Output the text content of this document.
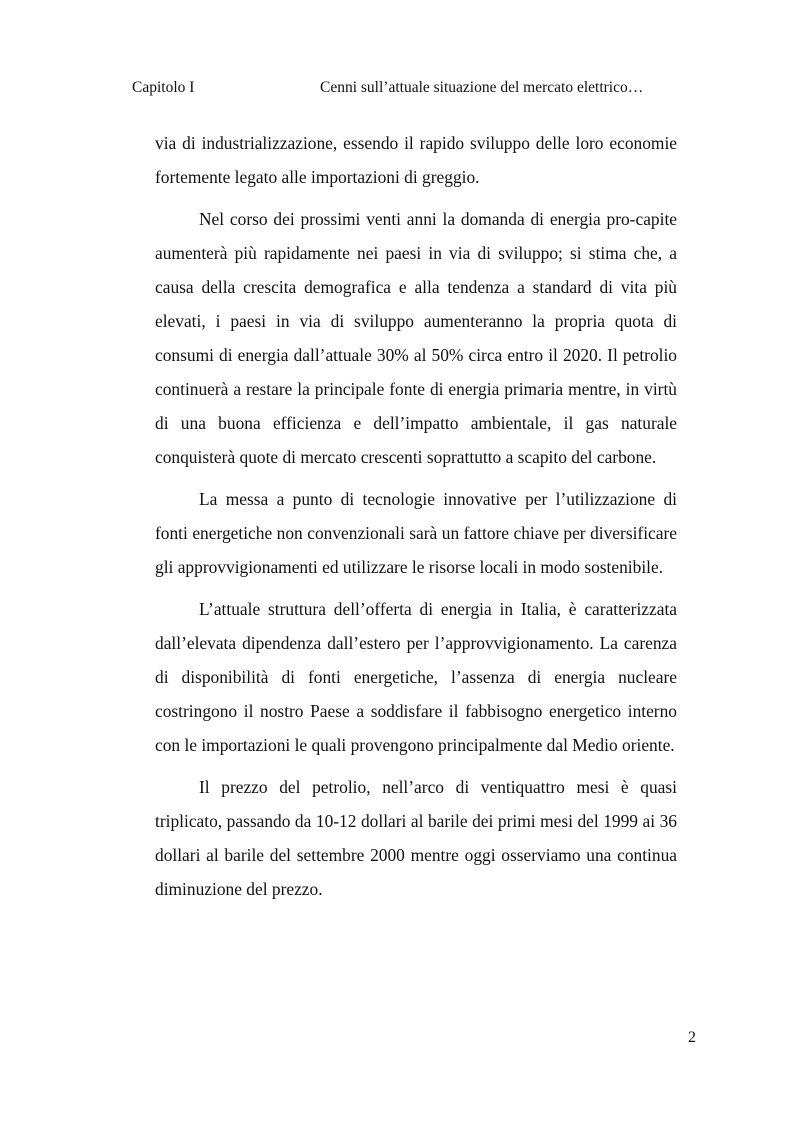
Capitolo I	Cenni sull’attuale situazione del mercato elettrico…

via di industrializzazione, essendo il rapido sviluppo delle loro economie fortemente legato alle importazioni di greggio.

Nel corso dei prossimi venti anni la domanda di energia pro-capite aumenterà più rapidamente nei paesi in via di sviluppo; si stima che, a causa della crescita demografica e alla tendenza a standard di vita più elevati, i paesi in via di sviluppo aumenteranno la propria quota di consumi di energia dall’attuale 30% al 50% circa entro il 2020. Il petrolio continuerà a restare la principale fonte di energia primaria mentre, in virtù di una buona efficienza e dell’impatto ambientale, il gas naturale conquisterà quote di mercato crescenti soprattutto a scapito del carbone.

La messa a punto di tecnologie innovative per l’utilizzazione di fonti energetiche non convenzionali sarà un fattore chiave per diversificare gli approvvigionamenti ed utilizzare le risorse locali in modo sostenibile.

L’attuale struttura dell’offerta di energia in Italia, è caratterizzata dall’elevata dipendenza dall’estero per l’approvvigionamento. La carenza di disponibilità di fonti energetiche, l’assenza di energia nucleare costringono il nostro Paese a soddisfare il fabbisogno energetico interno con le importazioni le quali provengono principalmente dal Medio oriente.

Il prezzo del petrolio, nell’arco di ventiquattro mesi è quasi triplicato, passando da 10-12 dollari al barile dei primi mesi del 1999 ai 36 dollari al barile del settembre 2000 mentre oggi osserviamo una continua diminuzione del prezzo.

2
